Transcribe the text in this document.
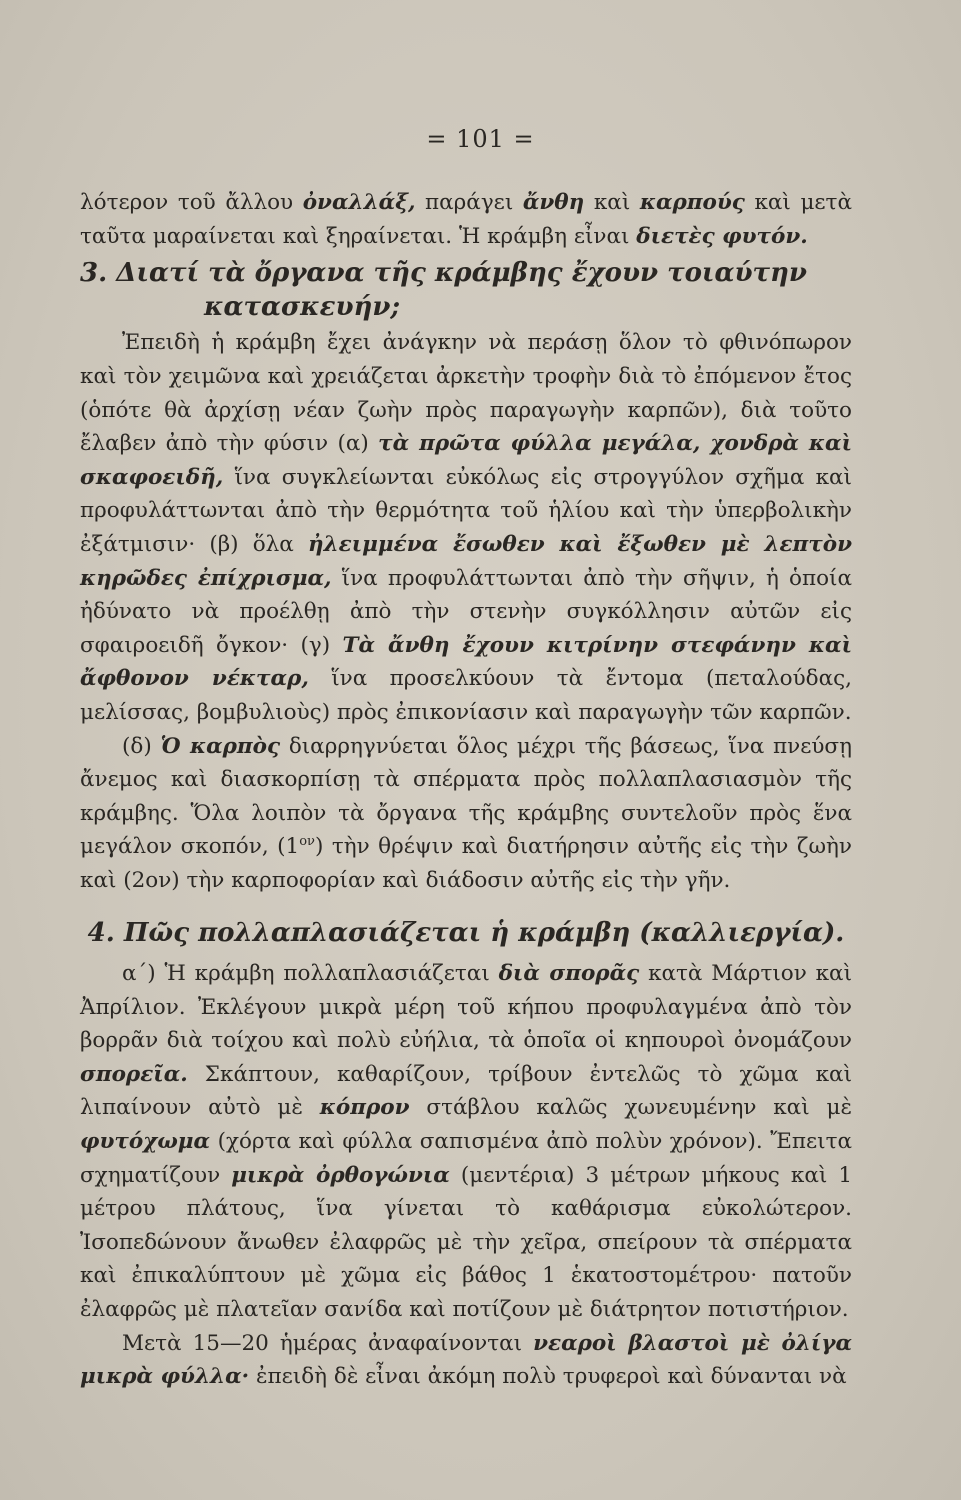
= 101 =

λότερον τοῦ ἄλλου ὀναλλάξ, παράγει ἄνθη καὶ καρπούς καὶ μετὰ ταῦτα μαραίνεται καὶ ξηραίνεται. Ἡ κράμβη εἶναι διετὲς φυτόν.

3. Διατί τὰ ὄργανα τῆς κράμβης ἔχουν τοιαύτην
κατασκευήν;

Ἐπειδὴ ἡ κράμβη ἔχει ἀνάγκην νὰ περάσῃ ὅλον τὸ φθινόπωρον καὶ τὸν χειμῶνα καὶ χρειάζεται ἀρκετὴν τροφὴν διὰ τὸ ἐπόμενον ἔτος (ὁπότε θὰ ἀρχίσῃ νέαν ζωὴν πρὸς παραγωγὴν καρπῶν), διὰ τοῦτο ἔλαβεν ἀπὸ τὴν φύσιν (α) τὰ πρῶτα φύλλα μεγάλα, χονδρὰ καὶ σκαφοειδῆ, ἵνα συγκλείωνται εὐκόλως εἰς στρογγύλον σχῆμα καὶ προφυλάττωνται ἀπὸ τὴν θερμότητα τοῦ ἡλίου καὶ τὴν ὑπερβολικὴν ἐξάτμισιν· (β) ὅλα ἠλειμμένα ἔσωθεν καὶ ἔξωθεν μὲ λεπτὸν κηρῶδες ἐπίχρισμα, ἵνα προφυλάττωνται ἀπὸ τὴν σῆψιν, ἡ ὁποία ἠδύνατο νὰ προέλθῃ ἀπὸ τὴν στενὴν συγκόλλησιν αὐτῶν εἰς σφαιροειδῆ ὄγκον· (γ) Τὰ ἄνθη ἔχουν κιτρίνην στεφάνην καὶ ἄφθονον νέκταρ, ἵνα προσελκύουν τὰ ἔντομα (πεταλούδας, μελίσσας, βομβυλιοὺς) πρὸς ἐπικονίασιν καὶ παραγωγὴν τῶν καρπῶν.

(δ) Ὁ καρπὸς διαρρηγνύεται ὅλος μέχρι τῆς βάσεως, ἵνα πνεύσῃ ἄνεμος καὶ διασκορπίσῃ τὰ σπέρματα πρὸς πολλαπλασιασμὸν τῆς κράμβης. Ὅλα λοιπὸν τὰ ὄργανα τῆς κράμβης συντελοῦν πρὸς ἕνα μεγάλον σκοπόν, $(1^{o\nu})$ τὴν θρέψιν καὶ διατήρησιν αὐτῆς εἰς τὴν ζωὴν καὶ (2ον) τὴν καρποφορίαν καὶ διάδοσιν αὐτῆς εἰς τὴν γῆν.

4. Πῶς πολλαπλασιάζεται ἡ κράμβη (καλλιεργία).

α΄) Ἡ κράμβη πολλαπλασιάζεται διὰ σπορᾶς κατὰ Μάρτιον καὶ Ἀπρίλιον. Ἐκλέγουν μικρὰ μέρη τοῦ κήπου προφυλαγμένα ἀπὸ τὸν βορρᾶν διὰ τοίχου καὶ πολὺ εὐήλια, τὰ ὁποῖα οἱ κηπουροὶ ὀνομάζουν σπορεῖα. Σκάπτουν, καθαρίζουν, τρίβουν ἐντελῶς τὸ χῶμα καὶ λιπαίνουν αὐτὸ μὲ κόπρον στάβλου καλῶς χωνευμένην καὶ μὲ φυτόχωμα (χόρτα καὶ φύλλα σαπισμένα ἀπὸ πολὺν χρόνον). Ἔπειτα σχηματίζουν μικρὰ ὀρθογώνια (μεντέρια) 3 μέτρων μήκους καὶ 1 μέτρου πλάτους, ἵνα γίνεται τὸ καθάρισμα εὐκολώτερον. Ἰσοπεδώνουν ἄνωθεν ἐλαφρῶς μὲ τὴν χεῖρα, σπείρουν τὰ σπέρματα καὶ ἐπικαλύπτουν μὲ χῶμα εἰς βάθος 1 ἑκατοστομέτρου· πατοῦν ἐλαφρῶς μὲ πλατεῖαν σανίδα καὶ ποτίζουν μὲ διάτρητον ποτιστήριον.

Μετὰ 15—20 ἡμέρας ἀναφαίνονται νεαροὶ βλαστοὶ μὲ ὀλίγα μικρὰ φύλλα· ἐπειδὴ δὲ εἶναι ἀκόμη πολὺ τρυφεροὶ καὶ δύνανται νὰ
